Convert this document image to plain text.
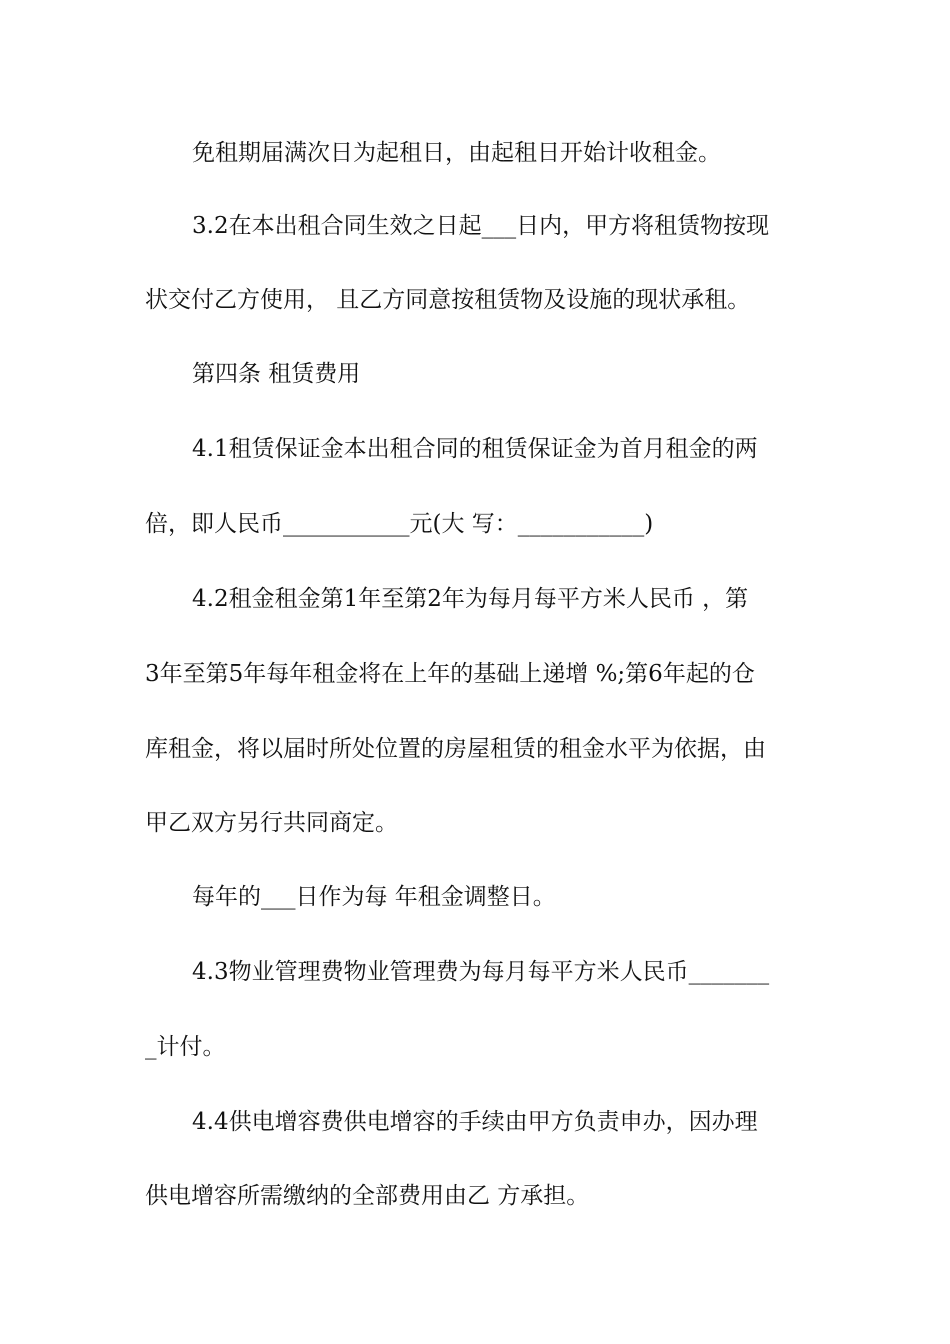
免租期届满次日为起租日，由起租日开始计收租金。
3.2在本出租合同生效之日起___日内，甲方将租赁物按现
状交付乙方使用， 且乙方同意按租赁物及设施的现状承租。
第四条 租赁费用
4.1租赁保证金本出租合同的租赁保证金为首月租金的两
倍，即人民币___________元(大 写：___________)
4.2租金租金第1年至第2年为每月每平方米人民币 ，第
3年至第5年每年租金将在上年的基础上递增 %;第6年起的仓
库租金，将以届时所处位置的房屋租赁的租金水平为依据，由
甲乙双方另行共同商定。
每年的___日作为每 年租金调整日。
4.3物业管理费物业管理费为每月每平方米人民币_______
_计付。
4.4供电增容费供电增容的手续由甲方负责申办，因办理
供电增容所需缴纳的全部费用由乙 方承担。
